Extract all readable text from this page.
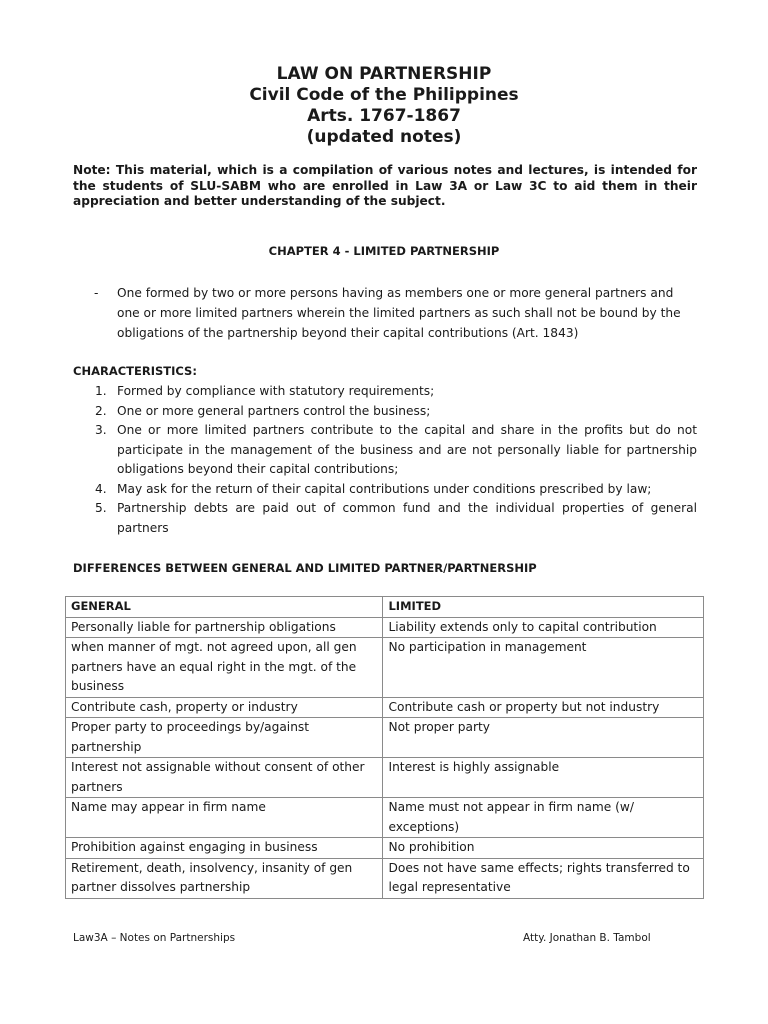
LAW ON PARTNERSHIP

Civil Code of the Philippines

Arts. 1767-1867

(updated notes)

Note: This material, which is a compilation of various notes and lectures, is intended for the students of SLU-SABM who are enrolled in Law 3A or Law 3C to aid them in their appreciation and better understanding of the subject.
CHAPTER 4 - LIMITED PARTNERSHIP
- One formed by two or more persons having as members one or more general partners and one or more limited partners wherein the limited partners as such shall not be bound by the obligations of the partnership beyond their capital contributions (Art. 1843)
CHARACTERISTICS:
1. Formed by compliance with statutory requirements;
2. One or more general partners control the business;
3. One or more limited partners contribute to the capital and share in the profits but do not participate in the management of the business and are not personally liable for partnership obligations beyond their capital contributions;
4. May ask for the return of their capital contributions under conditions prescribed by law;
5. Partnership debts are paid out of common fund and the individual properties of general partners
DIFFERENCES BETWEEN GENERAL AND LIMITED PARTNER/PARTNERSHIP
GENERAL	LIMITED
Personally liable for partnership obligations	Liability extends only to capital contribution
when manner of mgt. not agreed upon, all gen partners have an equal right in the mgt. of the business	No participation in management
Contribute cash, property or industry	Contribute cash or property but not industry
Proper party to proceedings by/against partnership	Not proper party
Interest not assignable without consent of other partners	Interest is highly assignable
Name may appear in firm name	Name must not appear in firm name (w/ exceptions)
Prohibition against engaging in business	No prohibition
Retirement, death, insolvency, insanity of gen partner dissolves partnership	Does not have same effects; rights transferred to legal representative
Law3A – Notes on Partnerships	Atty. Jonathan B. Tambol
